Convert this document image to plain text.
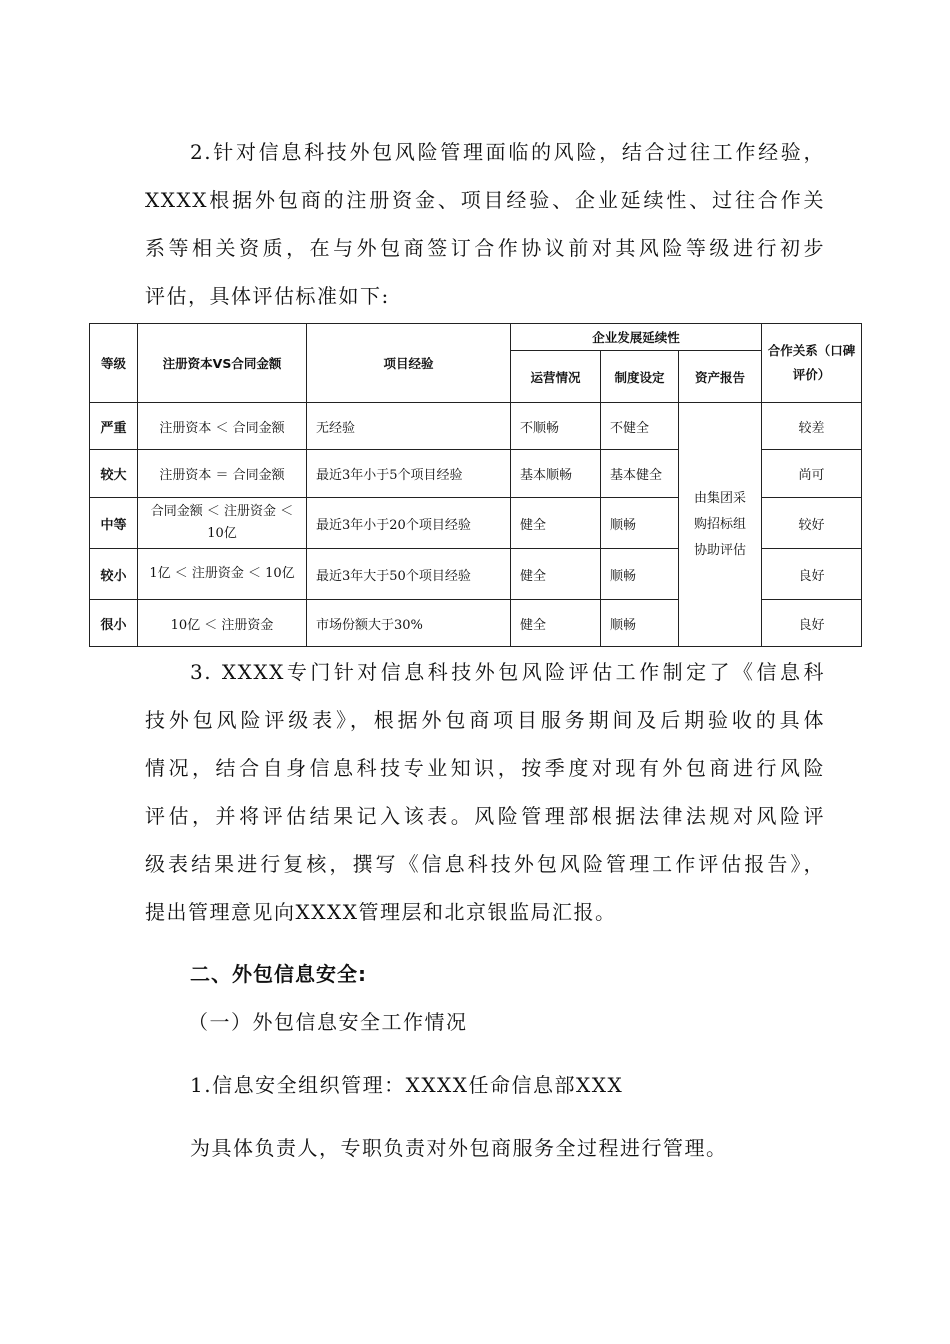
2.针对信息科技外包风险管理面临的风险，结合过往工作经验，
XXXX根据外包商的注册资金、项目经验、企业延续性、过往合作关
系等相关资质，在与外包商签订合作协议前对其风险等级进行初步
评估，具体评估标准如下:
等级	注册资本VS合同金额	项目经验	企业发展延续性			合作关系（口碑评价）
			运营情况	制度设定	资产报告	
严重	注册资本 ＜ 合同金额	无经验	不顺畅	不健全	由集团采购招标组协助评估	较差
较大	注册资本 ＝ 合同金额	最近3年小于5个项目经验	基本顺畅	基本健全		尚可
中等	合同金额 ＜ 注册资金 ＜ 10亿	最近3年小于20个项目经验	健全	顺畅		较好
较小	1亿 ＜ 注册资金 ＜ 10亿	最近3年大于50个项目经验	健全	顺畅		良好
很小	10亿 ＜ 注册资金	市场份额大于30%	健全	顺畅		良好
3. XXXX专门针对信息科技外包风险评估工作制定了《信息科
技外包风险评级表》，根据外包商项目服务期间及后期验收的具体
情况，结合自身信息科技专业知识，按季度对现有外包商进行风险
评估，并将评估结果记入该表。风险管理部根据法律法规对风险评
级表结果进行复核，撰写《信息科技外包风险管理工作评估报告》，
提出管理意见向XXXX管理层和北京银监局汇报。
二、外包信息安全:
（一）外包信息安全工作情况
1.信息安全组织管理：XXXX任命信息部XXX
为具体负责人，专职负责对外包商服务全过程进行管理。
